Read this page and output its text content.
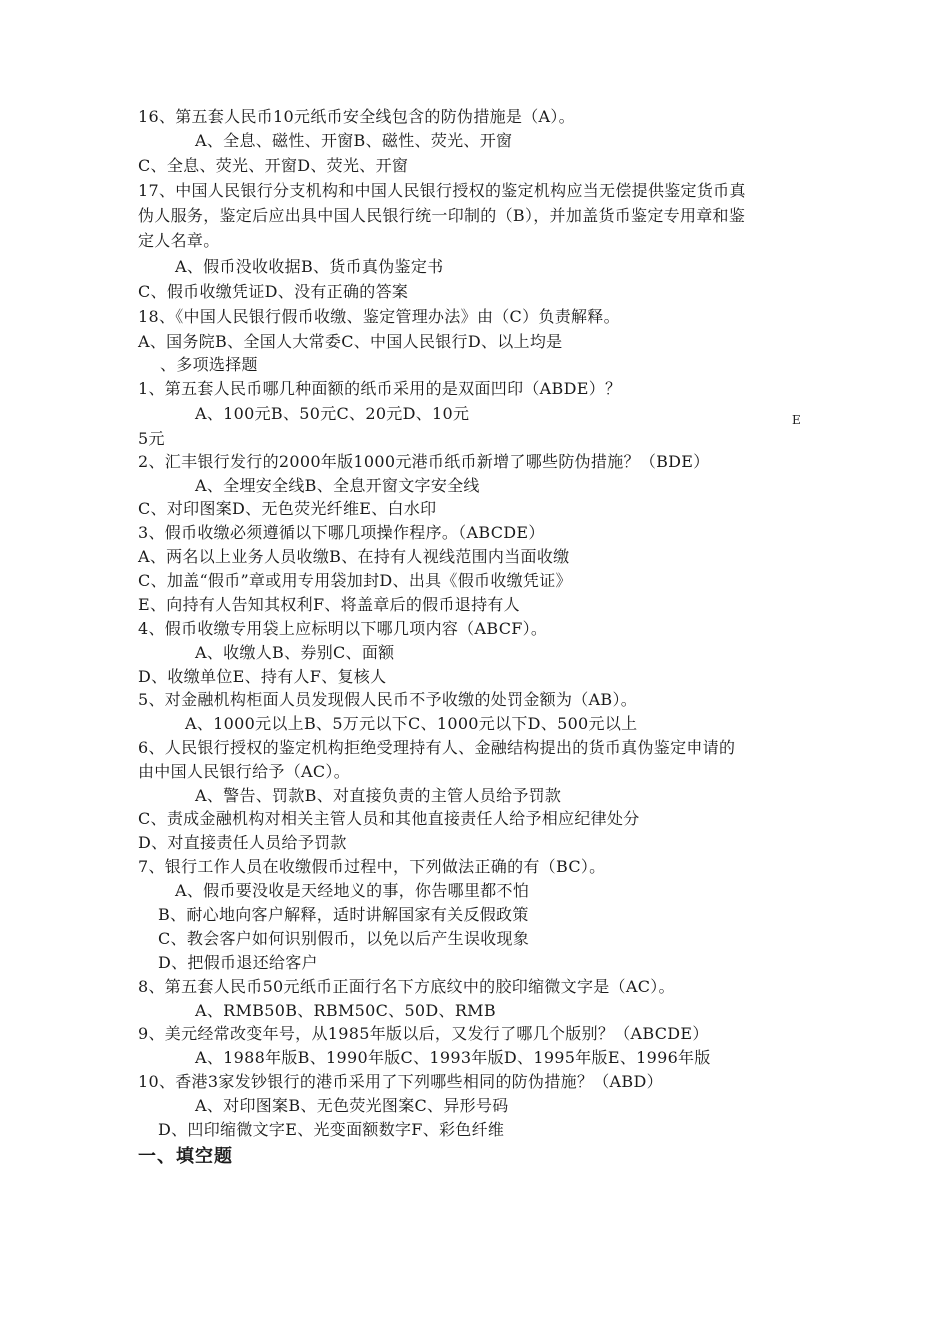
16、第五套人民币10元纸币安全线包含的防伪措施是（A）。
A、全息、磁性、开窗B、磁性、荧光、开窗
C、全息、荧光、开窗D、荧光、开窗
17、中国人民银行分支机构和中国人民银行授权的鉴定机构应当无偿提供鉴定货币真
伪人服务，鉴定后应出具中国人民银行统一印制的（B），并加盖货币鉴定专用章和鉴
定人名章。
A、假币没收收据B、货币真伪鉴定书
C、假币收缴凭证D、没有正确的答案
18、《中国人民银行假币收缴、鉴定管理办法》由（C）负责解释。
A、国务院B、全国人大常委C、中国人民银行D、以上均是
、多项选择题
1、第五套人民币哪几种面额的纸币采用的是双面凹印（ABDE）？
A、100元B、50元C、20元D、10元	E
5元
2、汇丰银行发行的2000年版1000元港币纸币新增了哪些防伪措施？（BDE）
A、全埋安全线B、全息开窗文字安全线
C、对印图案D、无色荧光纤维E、白水印
3、假币收缴必须遵循以下哪几项操作程序。（ABCDE）
A、两名以上业务人员收缴B、在持有人视线范围内当面收缴
C、加盖“假币”章或用专用袋加封D、出具《假币收缴凭证》
E、向持有人告知其权利F、将盖章后的假币退持有人
4、假币收缴专用袋上应标明以下哪几项内容（ABCF）。
A、收缴人B、券别C、面额
D、收缴单位E、持有人F、复核人
5、对金融机构柜面人员发现假人民币不予收缴的处罚金额为（AB）。
A、1000元以上B、5万元以下C、1000元以下D、500元以上
6、人民银行授权的鉴定机构拒绝受理持有人、金融结构提出的货币真伪鉴定申请的
由中国人民银行给予（AC）。
A、警告、罚款B、对直接负责的主管人员给予罚款
C、责成金融机构对相关主管人员和其他直接责任人给予相应纪律处分
D、对直接责任人员给予罚款
7、银行工作人员在收缴假币过程中，下列做法正确的有（BC）。
A、假币要没收是天经地义的事，你告哪里都不怕
B、耐心地向客户解释，适时讲解国家有关反假政策
C、教会客户如何识别假币，以免以后产生误收现象
D、把假币退还给客户
8、第五套人民币50元纸币正面行名下方底纹中的胶印缩微文字是（AC）。
A、RMB50B、RBM50C、50D、RMB
9、美元经常改变年号，从1985年版以后，又发行了哪几个版别？（ABCDE）
A、1988年版B、1990年版C、1993年版D、1995年版E、1996年版
10、香港3家发钞银行的港币采用了下列哪些相同的防伪措施？（ABD）
A、对印图案B、无色荧光图案C、异形号码
D、凹印缩微文字E、光变面额数字F、彩色纤维
一、填空题
